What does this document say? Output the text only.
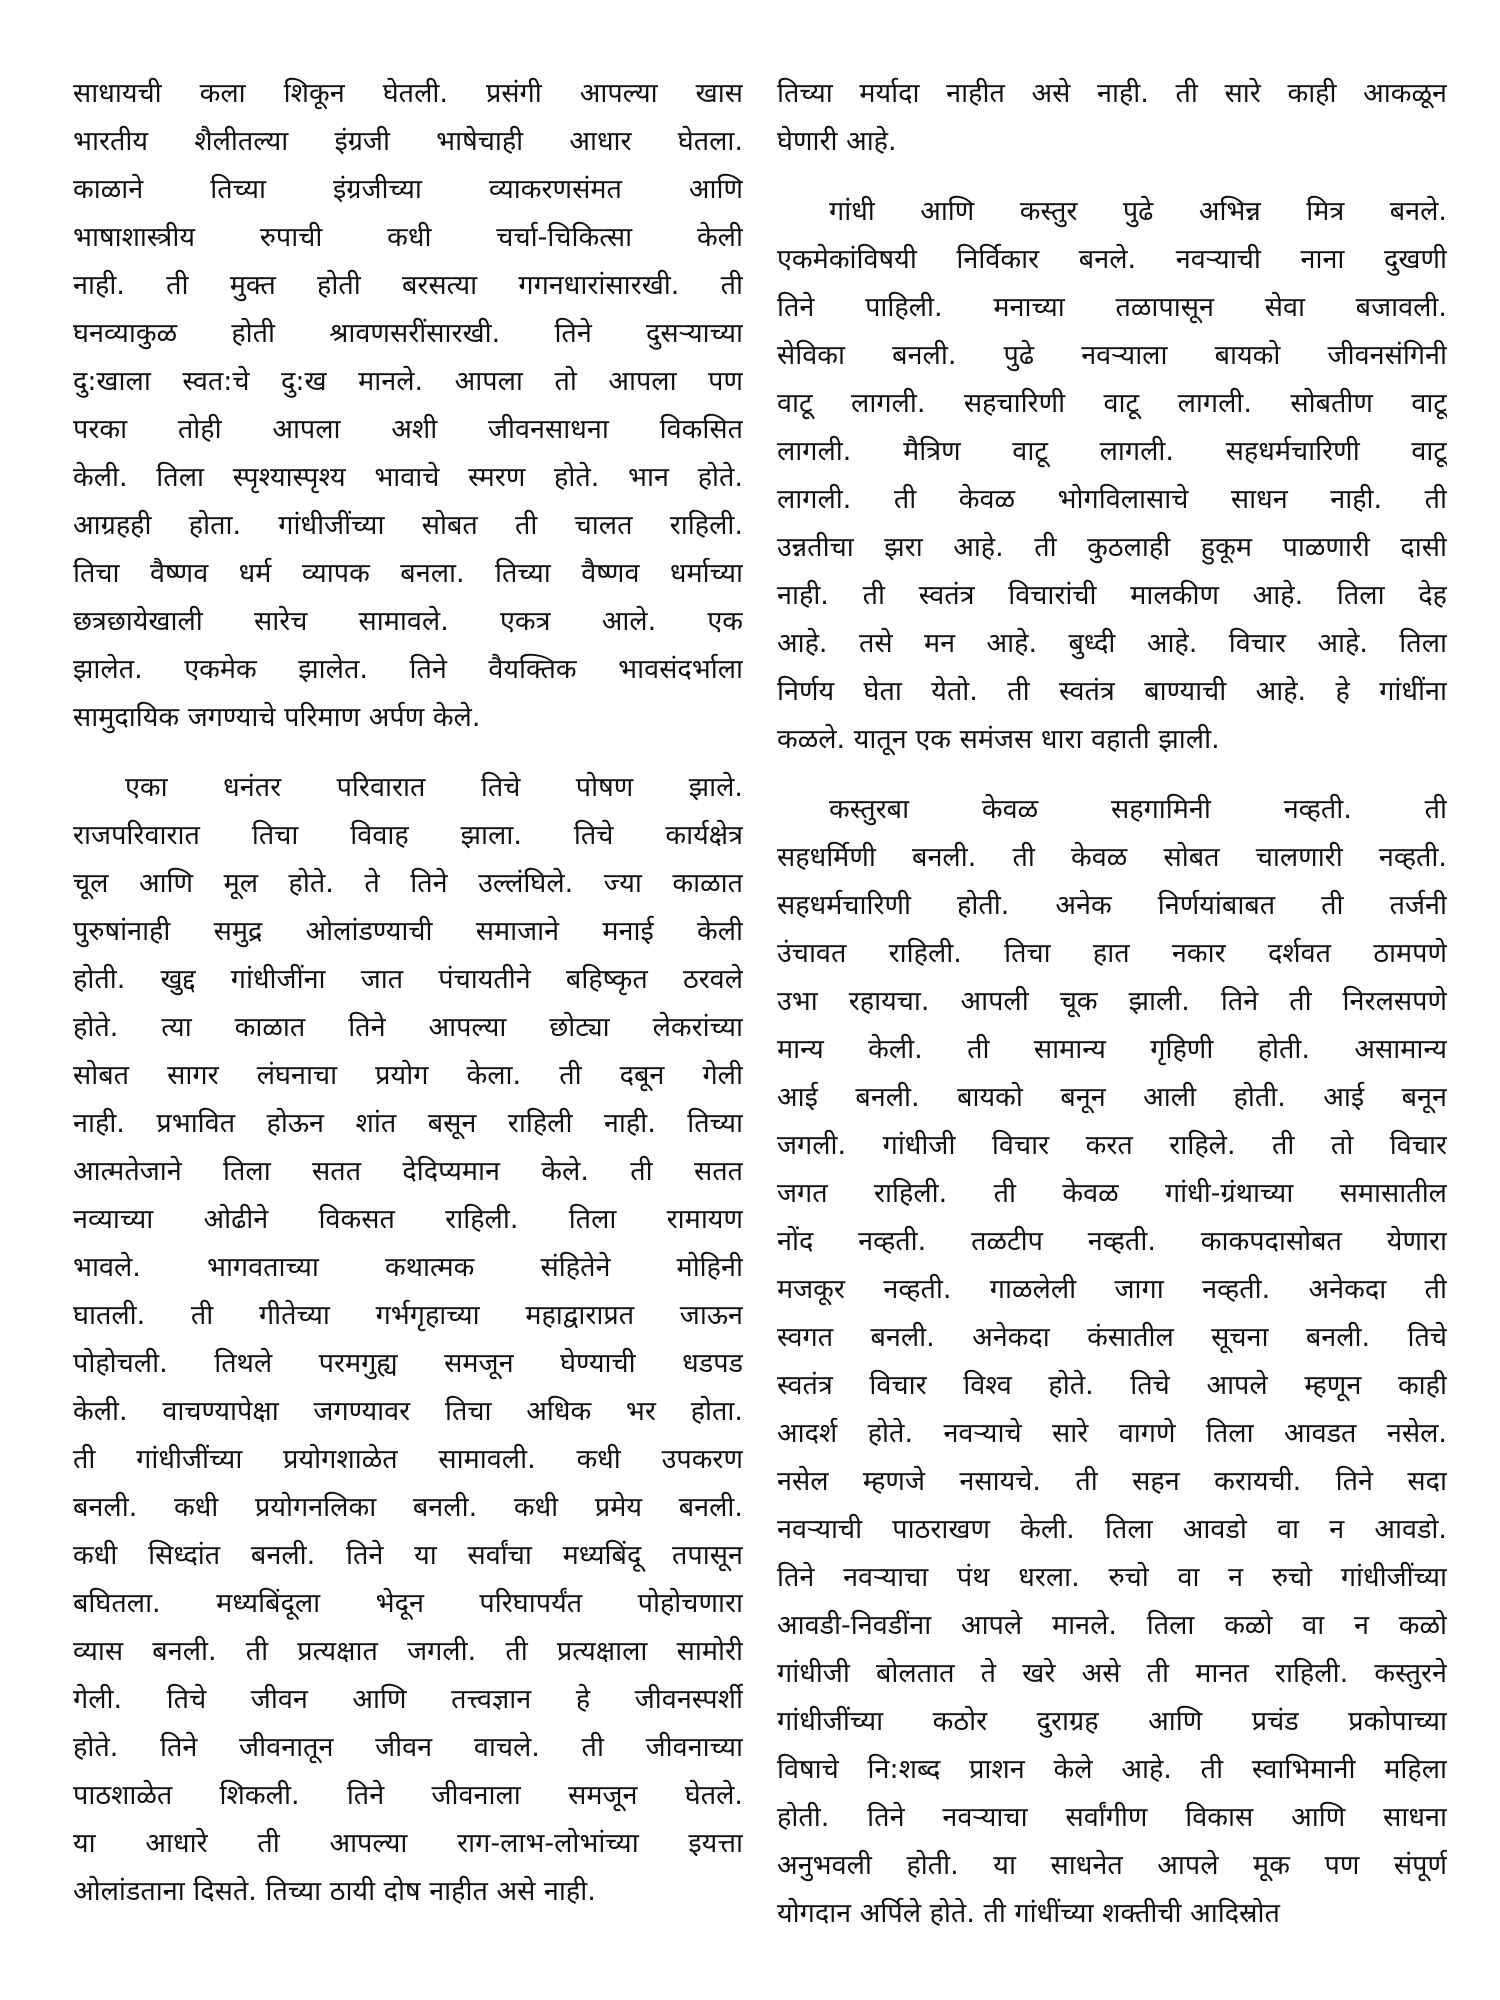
साधायची कला शिकून घेतली. प्रसंगी आपल्या खास
भारतीय शैलीतल्या इंग्रजी भाषेचाही आधार घेतला.
काळाने तिच्या इंग्रजीच्या व्याकरणसंमत आणि
भाषाशास्त्रीय रुपाची कधी चर्चा-चिकित्सा केली
नाही. ती मुक्त होती बरसत्या गगनधारांसारखी. ती
घनव्याकुळ होती श्रावणसरींसारखी. तिने दुसऱ्याच्या
दु:खाला स्वत:चे दु:ख मानले. आपला तो आपला पण
परका तोही आपला अशी जीवनसाधना विकसित
केली. तिला स्पृश्यास्पृश्य भावाचे स्मरण होते. भान होते.
आग्रहही होता. गांधीजींच्या सोबत ती चालत राहिली.
तिचा वैष्णव धर्म व्यापक बनला. तिच्या वैष्णव धर्माच्या
छत्रछायेखाली सारेच सामावले. एकत्र आले. एक
झालेत. एकमेक झालेत. तिने वैयक्तिक भावसंदर्भाला
सामुदायिक जगण्याचे परिमाण अर्पण केले.
एका धनंतर परिवारात तिचे पोषण झाले.
राजपरिवारात तिचा विवाह झाला. तिचे कार्यक्षेत्र
चूल आणि मूल होते. ते तिने उल्लंघिले. ज्या काळात
पुरुषांनाही समुद्र ओलांडण्याची समाजाने मनाई केली
होती. खुद्द गांधीजींना जात पंचायतीने बहिष्कृत ठरवले
होते. त्या काळात तिने आपल्या छोट्या लेकरांच्या
सोबत सागर लंघनाचा प्रयोग केला. ती दबून गेली
नाही. प्रभावित होऊन शांत बसून राहिली नाही. तिच्या
आत्मतेजाने तिला सतत देदिप्यमान केले. ती सतत
नव्याच्या ओढीने विकसत राहिली. तिला रामायण
भावले. भागवताच्या कथात्मक संहितेने मोहिनी
घातली. ती गीतेच्या गर्भगृहाच्या महाद्वाराप्रत जाऊन
पोहोचली. तिथले परमगुह्य समजून घेण्याची धडपड
केली. वाचण्यापेक्षा जगण्यावर तिचा अधिक भर होता.
ती गांधीजींच्या प्रयोगशाळेत सामावली. कधी उपकरण
बनली. कधी प्रयोगनलिका बनली. कधी प्रमेय बनली.
कधी सिध्दांत बनली. तिने या सर्वांचा मध्यबिंदू तपासून
बघितला. मध्यबिंदूला भेदून परिघापर्यंत पोहोचणारा
व्यास बनली. ती प्रत्यक्षात जगली. ती प्रत्यक्षाला सामोरी
गेली. तिचे जीवन आणि तत्त्वज्ञान हे जीवनस्पर्शी
होते. तिने जीवनातून जीवन वाचले. ती जीवनाच्या
पाठशाळेत शिकली. तिने जीवनाला समजून घेतले.
या आधारे ती आपल्या राग-लाभ-लोभांच्या इयत्ता
ओलांडताना दिसते. तिच्या ठायी दोष नाहीत असे नाही.
तिच्या मर्यादा नाहीत असे नाही. ती सारे काही आकळून
घेणारी आहे.
गांधी आणि कस्तुर पुढे अभिन्न मित्र बनले.
एकमेकांविषयी निर्विकार बनले. नवऱ्याची नाना दुखणी
तिने पाहिली. मनाच्या तळापासून सेवा बजावली.
सेविका बनली. पुढे नवऱ्याला बायको जीवनसंगिनी
वाटू लागली. सहचारिणी वाटू लागली. सोबतीण वाटू
लागली. मैत्रिण वाटू लागली. सहधर्मचारिणी वाटू
लागली. ती केवळ भोगविलासाचे साधन नाही. ती
उन्नतीचा झरा आहे. ती कुठलाही हुकूम पाळणारी दासी
नाही. ती स्वतंत्र विचारांची मालकीण आहे. तिला देह
आहे. तसे मन आहे. बुध्दी आहे. विचार आहे. तिला
निर्णय घेता येतो. ती स्वतंत्र बाण्याची आहे. हे गांधींना
कळले. यातून एक समंजस धारा वहाती झाली.
कस्तुरबा केवळ सहगामिनी नव्हती. ती
सहधर्मिणी बनली. ती केवळ सोबत चालणारी नव्हती.
सहधर्मचारिणी होती. अनेक निर्णयांबाबत ती तर्जनी
उंचावत राहिली. तिचा हात नकार दर्शवत ठामपणे
उभा रहायचा. आपली चूक झाली. तिने ती निरलसपणे
मान्य केली. ती सामान्य गृहिणी होती. असामान्य
आई बनली. बायको बनून आली होती. आई बनून
जगली. गांधीजी विचार करत राहिले. ती तो विचार
जगत राहिली. ती केवळ गांधी-ग्रंथाच्या समासातील
नोंद नव्हती. तळटीप नव्हती. काकपदासोबत येणारा
मजकूर नव्हती. गाळलेली जागा नव्हती. अनेकदा ती
स्वगत बनली. अनेकदा कंसातील सूचना बनली. तिचे
स्वतंत्र विचार विश्व होते. तिचे आपले म्हणून काही
आदर्श होते. नवऱ्याचे सारे वागणे तिला आवडत नसेल.
नसेल म्हणजे नसायचे. ती सहन करायची. तिने सदा
नवऱ्याची पाठराखण केली. तिला आवडो वा न आवडो.
तिने नवऱ्याचा पंथ धरला. रुचो वा न रुचो गांधीजींच्या
आवडी-निवडींना आपले मानले. तिला कळो वा न कळो
गांधीजी बोलतात ते खरे असे ती मानत राहिली. कस्तुरने
गांधीजींच्या कठोर दुराग्रह आणि प्रचंड प्रकोपाच्या
विषाचे नि:शब्द प्राशन केले आहे. ती स्वाभिमानी महिला
होती. तिने नवऱ्याचा सर्वांगीण विकास आणि साधना
अनुभवली होती. या साधनेत आपले मूक पण संपूर्ण
योगदान अर्पिले होते. ती गांधींच्या शक्तीची आदिस्रोत
